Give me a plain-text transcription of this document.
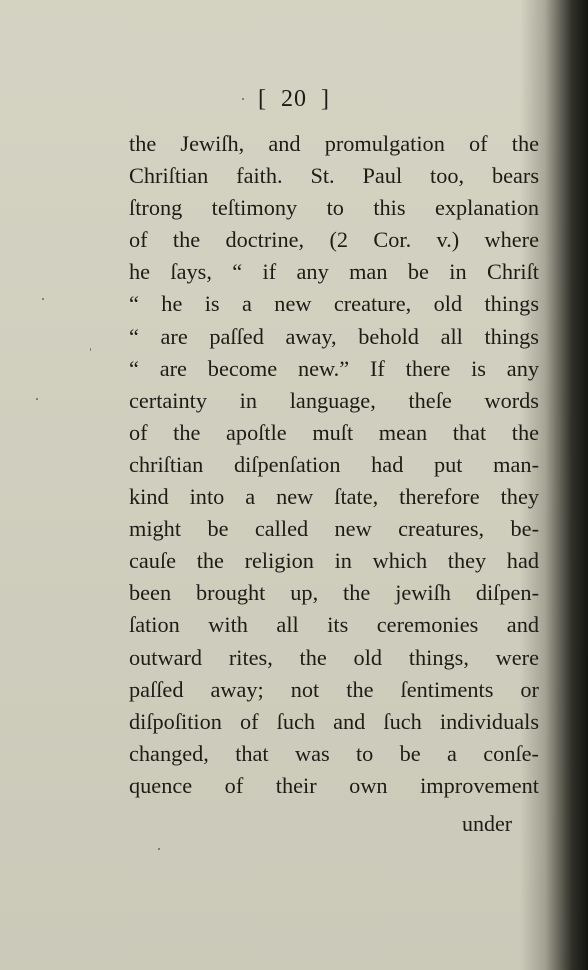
[ 20 ]
the Jewiſh, and promulgation of the
Chriſtian faith. St. Paul too, bears
ſtrong teſtimony to this explanation
of the doctrine, (2 Cor. v.) where
he ſays, “ if any man be in Chriſt
“ he is a new creature, old things
“ are paſſed away, behold all things
“ are become new.” If there is any
certainty in language, theſe words
of the apoſtle muſt mean that the
chriſtian diſpenſation had put man-
kind into a new ſtate, therefore they
might be called new creatures, be-
cauſe the religion in which they had
been brought up, the jewiſh diſpen-
ſation with all its ceremonies and
outward rites, the old things, were
paſſed away; not the ſentiments or
diſpoſition of ſuch and ſuch individuals
changed, that was to be a conſe-
quence of their own improvement
under
